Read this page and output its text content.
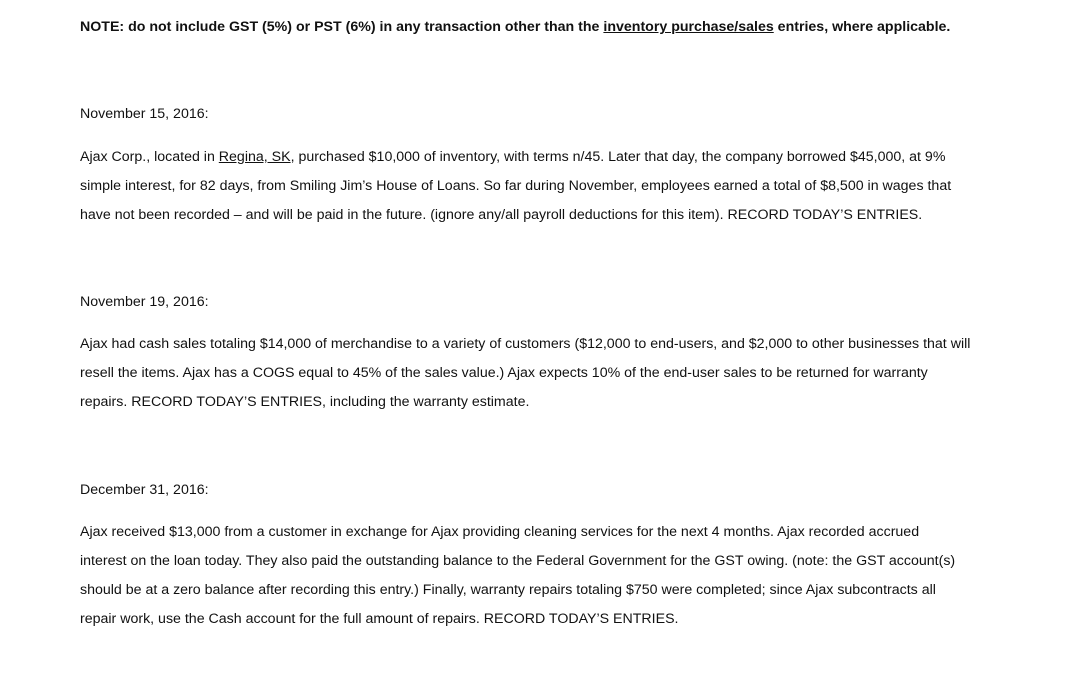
NOTE: do not include GST (5%) or PST (6%) in any transaction other than the inventory purchase/sales entries, where applicable.
November 15, 2016:
Ajax Corp., located in Regina, SK, purchased $10,000 of inventory, with terms n/45. Later that day, the company borrowed $45,000, at 9%
simple interest, for 82 days, from Smiling Jim’s House of Loans. So far during November, employees earned a total of $8,500 in wages that
have not been recorded – and will be paid in the future. (ignore any/all payroll deductions for this item). RECORD TODAY’S ENTRIES.
November 19, 2016:
Ajax had cash sales totaling $14,000 of merchandise to a variety of customers ($12,000 to end-users, and $2,000 to other businesses that will
resell the items. Ajax has a COGS equal to 45% of the sales value.) Ajax expects 10% of the end-user sales to be returned for warranty
repairs. RECORD TODAY’S ENTRIES, including the warranty estimate.
December 31, 2016:
Ajax received $13,000 from a customer in exchange for Ajax providing cleaning services for the next 4 months. Ajax recorded accrued
interest on the loan today. They also paid the outstanding balance to the Federal Government for the GST owing. (note: the GST account(s)
should be at a zero balance after recording this entry.) Finally, warranty repairs totaling $750 were completed; since Ajax subcontracts all
repair work, use the Cash account for the full amount of repairs. RECORD TODAY’S ENTRIES.
